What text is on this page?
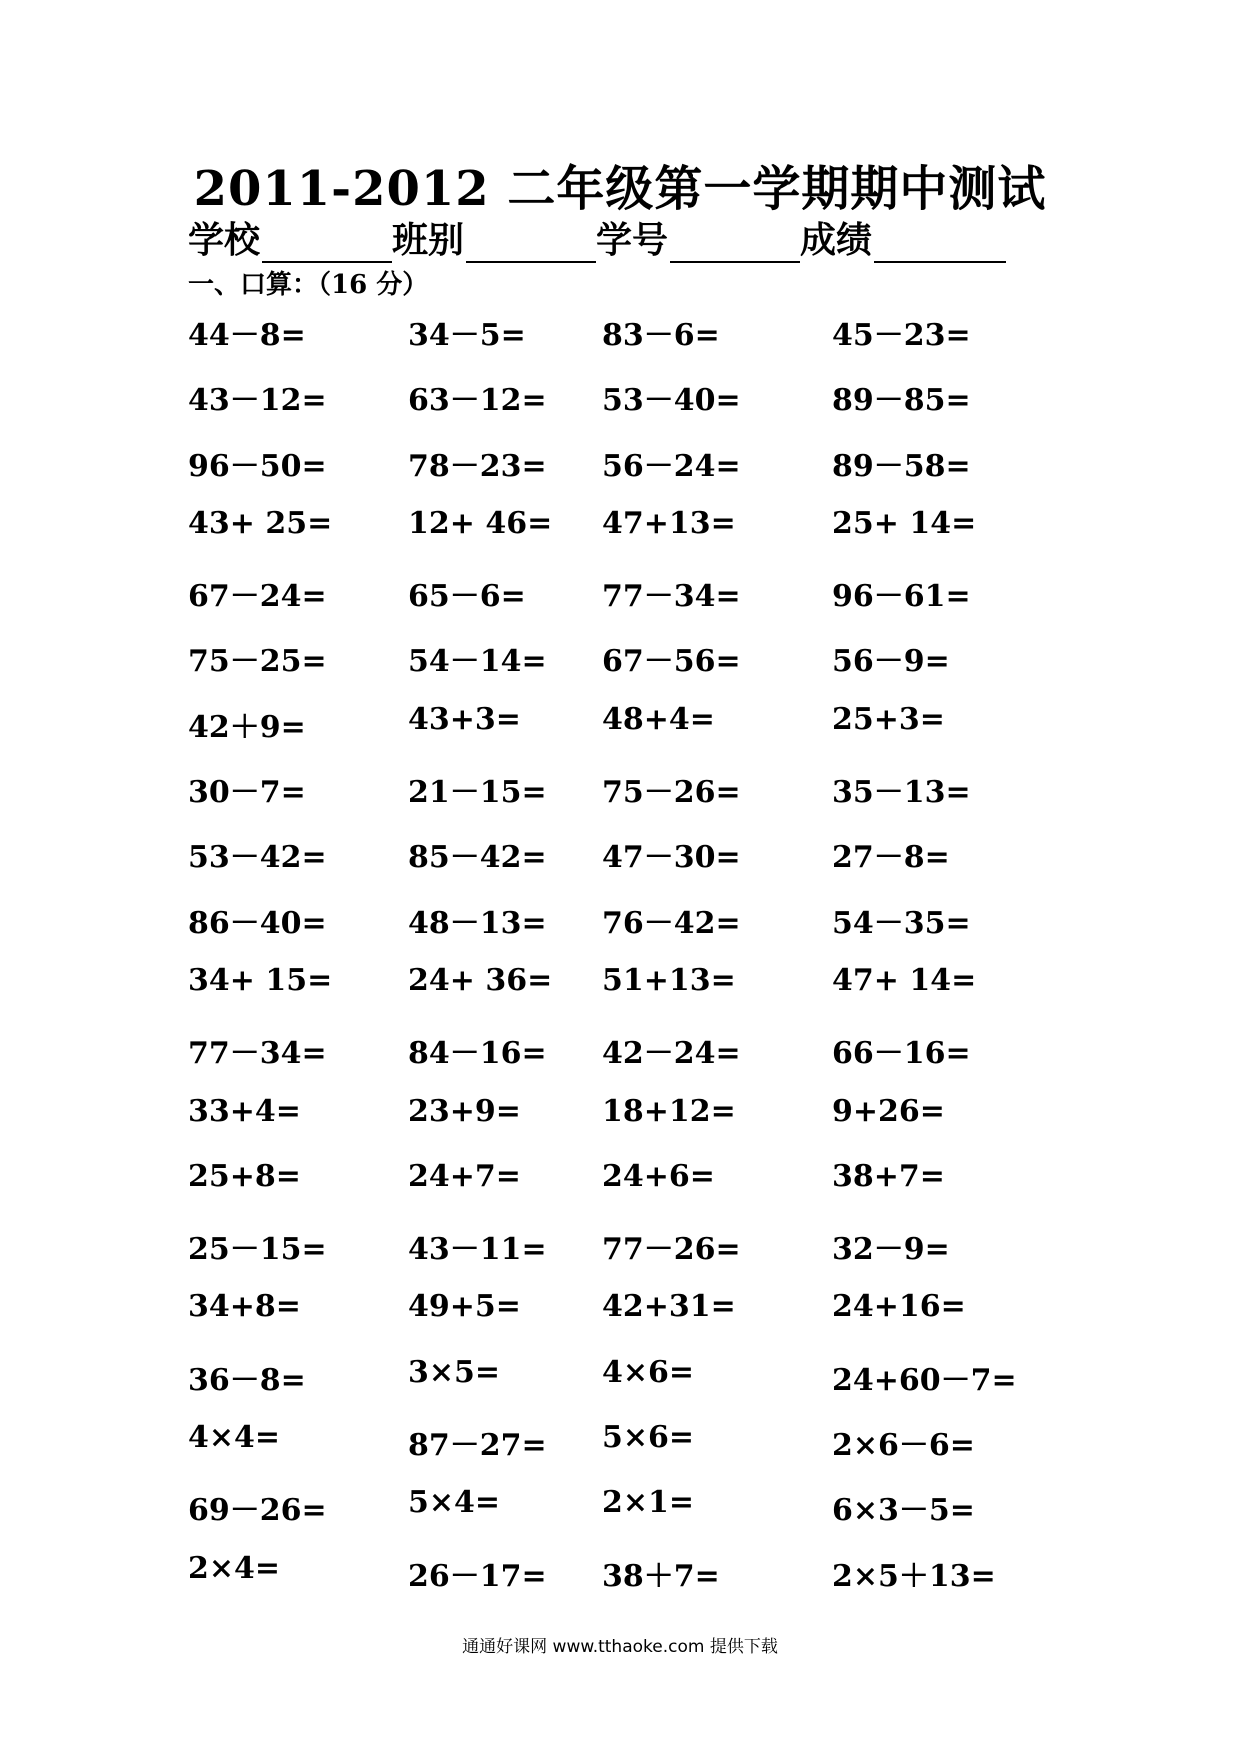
2011-2012 二年级第一学期期中测试
学校	班别	学号	成绩
一、口算：（16 分）
44－8=	34－5=	83－6=	45－23=
43－12=	63－12= 53－40=	89－85=
96－50=	78－23= 56－24=	89－58=
43+ 25=	12+ 46= 47+13=	25+ 14=
67－24=	65－6=	77－34=	96－61=
75－25=	54－14= 67－56=	56－9=
42＋9=	43+3=	48+4=	25+3=
30－7=	21－15= 75－26=	35－13=
53－42=	85－42= 47－30=	27－8=
86－40=	48－13= 76－42=	54－35=
34+ 15=	24+ 36= 51+13=	47+ 14=
77－34=	84－16= 42－24=	66－16=
33+4=	23+9=	18+12=	9+26=
25+8=	24+7=	24+6=	38+7=
25－15=	43－11= 77－26=	32－9=
34+8=	49+5=	42+31=	24+16=
36－8=	3×5=	4×6=	24+60－7=
4×4=	87－27= 5×6=	2×6－6=
69－26=	5×4=	2×1=	6×3－5=
2×4=	26－17= 38＋7=	2×5＋13=
通通好课网 www.tthaoke.com 提供下载
